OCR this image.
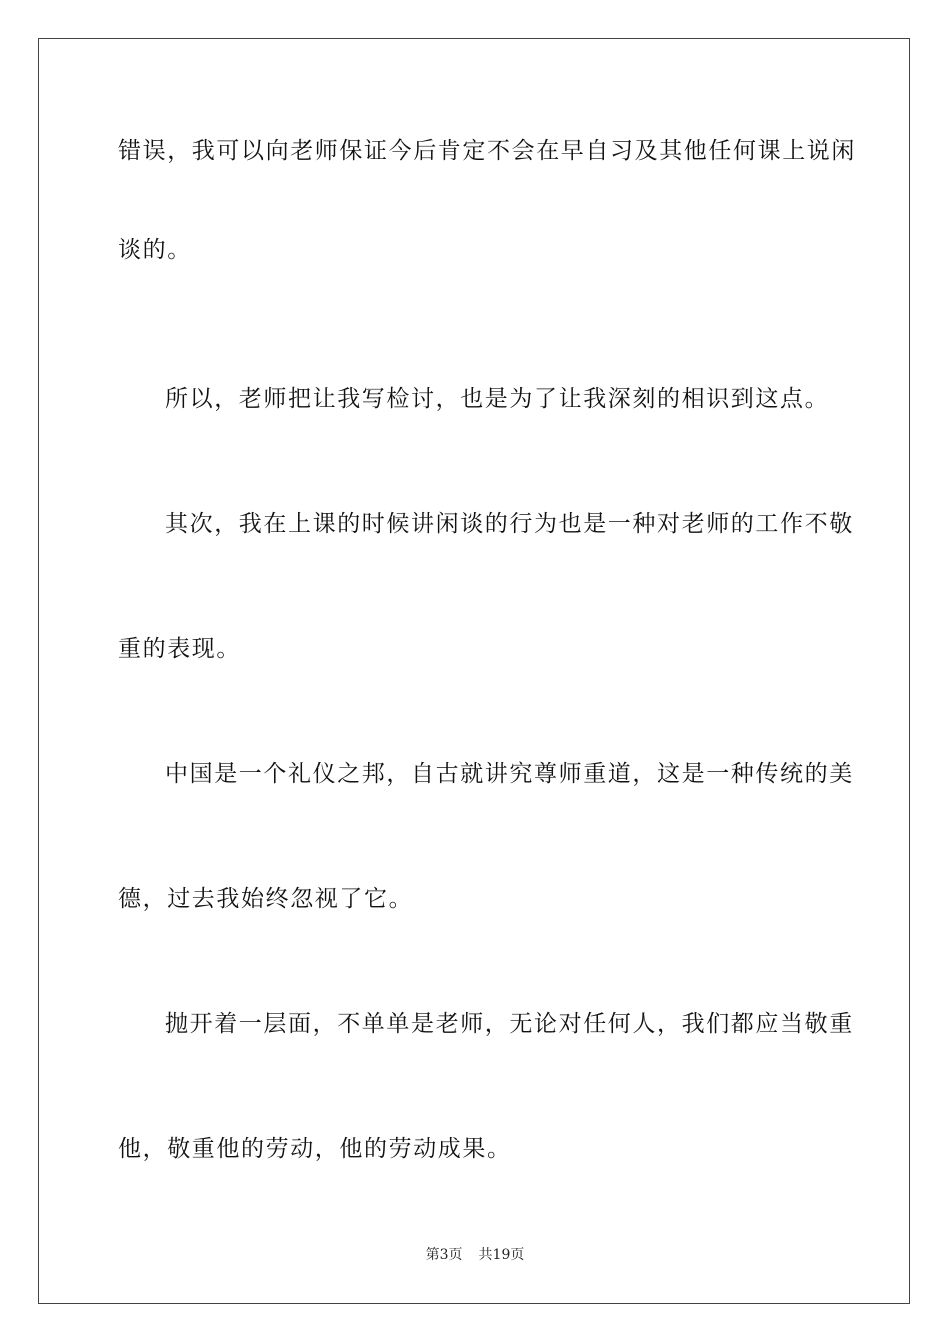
错误，我可以向老师保证今后肯定不会在早自习及其他任何课上说闲
谈的。
所以，老师把让我写检讨，也是为了让我深刻的相识到这点。
其次，我在上课的时候讲闲谈的行为也是一种对老师的工作不敬
重的表现。
中国是一个礼仪之邦，自古就讲究尊师重道，这是一种传统的美
德，过去我始终忽视了它。
抛开着一层面，不单单是老师，无论对任何人，我们都应当敬重
他，敬重他的劳动，他的劳动成果。
第3页 共19页
